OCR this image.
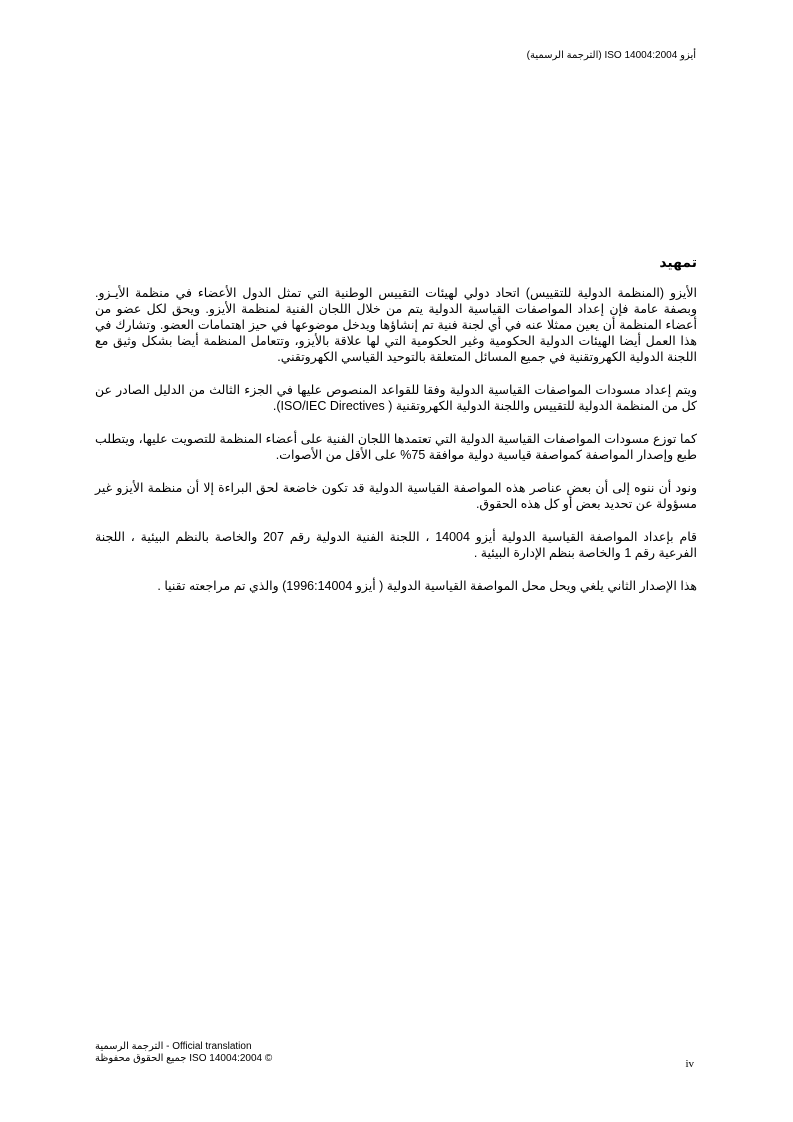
أيزو ISO 14004:2004 (الترجمة الرسمية)
تمهيد

الأيزو (المنظمة الدولية للتقييس) اتحاد دولي لهيئات التقييس الوطنية التي تمثل الدول الأعضاء في منظمة الأيـزو. وبصفة عامة فإن إعداد المواصفات القياسية الدولية يتم من خلال اللجان الفنية لمنظمة الأيزو. ويحق لكل عضو من أعضاء المنظمة أن يعين ممثلا عنه في أي لجنة فنية تم إنشاؤها ويدخل موضوعها في حيز اهتمامات العضو. وتشارك في هذا العمل أيضا الهيئات الدولية الحكومية وغير الحكومية التي لها علاقة بالأيزو، وتتعامل المنظمة أيضا بشكل وثيق مع اللجنة الدولية الكهروتقنية في جميع المسائل المتعلقة بالتوحيد القياسي الكهروتقني.

ويتم إعداد مسودات المواصفات القياسية الدولية وفقا للقواعد المنصوص عليها في الجزء الثالث من الدليل الصادر عن كل من المنظمة الدولية للتقييس واللجنة الدولية الكهروتقنية ( ISO/IEC Directives).

كما توزع مسودات المواصفات القياسية الدولية التي تعتمدها اللجان الفنية على أعضاء المنظمة للتصويت عليها، ويتطلب طبع وإصدار المواصفة كمواصفة قياسية دولية موافقة 75% على الأقل من الأصوات.

ونود أن ننوه إلى أن بعض عناصر هذه المواصفة القياسية الدولية قد تكون خاضعة لحق البراءة إلا أن منظمة الأيزو غير مسؤولة عن تحديد بعض أو كل هذه الحقوق.

قام بإعداد المواصفة القياسية الدولية أيزو 14004 ، اللجنة الفنية الدولية رقم 207 والخاصة بالنظم البيئية ، اللجنة الفرعية رقم 1 والخاصة بنظم الإدارة البيئية .

هذا الإصدار الثاني يلغي ويحل محل المواصفة القياسية الدولية ( أيزو 1996:14004) والذي تم مراجعته تقنيا .

Official translation - الترجمة الرسمية
© ISO 14004:2004 جميع الحقوق محفوظة	iv
